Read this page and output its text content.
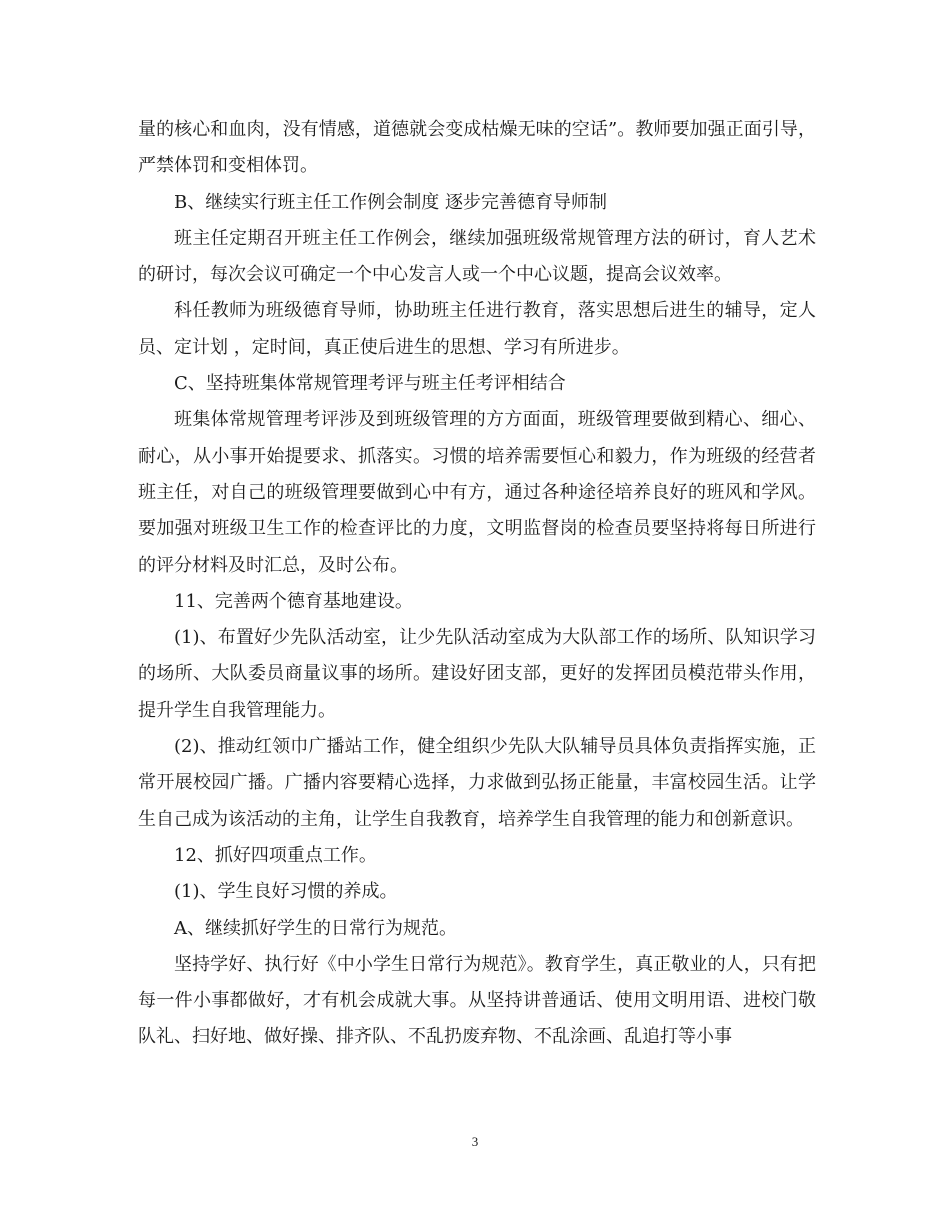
量的核心和血肉，没有情感，道德就会变成枯燥无味的空话”。教师要加强正面引导，严禁体罚和变相体罚。

B、继续实行班主任工作例会制度 逐步完善德育导师制

班主任定期召开班主任工作例会，继续加强班级常规管理方法的研讨，育人艺术的研讨，每次会议可确定一个中心发言人或一个中心议题，提高会议效率。

科任教师为班级德育导师，协助班主任进行教育，落实思想后进生的辅导，定人员、定计划 ，定时间，真正使后进生的思想、学习有所进步。

C、坚持班集体常规管理考评与班主任考评相结合

班集体常规管理考评涉及到班级管理的方方面面，班级管理要做到精心、细心、耐心，从小事开始提要求、抓落实。习惯的培养需要恒心和毅力，作为班级的经营者班主任，对自己的班级管理要做到心中有方，通过各种途径培养良好的班风和学风。要加强对班级卫生工作的检查评比的力度，文明监督岗的检查员要坚持将每日所进行的评分材料及时汇总，及时公布。

11、完善两个德育基地建设。

(1)、布置好少先队活动室，让少先队活动室成为大队部工作的场所、队知识学习的场所、大队委员商量议事的场所。建设好团支部，更好的发挥团员模范带头作用，提升学生自我管理能力。

(2)、推动红领巾广播站工作，健全组织少先队大队辅导员具体负责指挥实施，正常开展校园广播。广播内容要精心选择，力求做到弘扬正能量，丰富校园生活。让学生自己成为该活动的主角，让学生自我教育，培养学生自我管理的能力和创新意识。

12、抓好四项重点工作。

(1)、学生良好习惯的养成。

A、继续抓好学生的日常行为规范。

坚持学好、执行好《中小学生日常行为规范》。教育学生，真正敬业的人，只有把每一件小事都做好，才有机会成就大事。从坚持讲普通话、使用文明用语、进校门敬队礼、扫好地、做好操、排齐队、不乱扔废弃物、不乱涂画、乱追打等小事

3
